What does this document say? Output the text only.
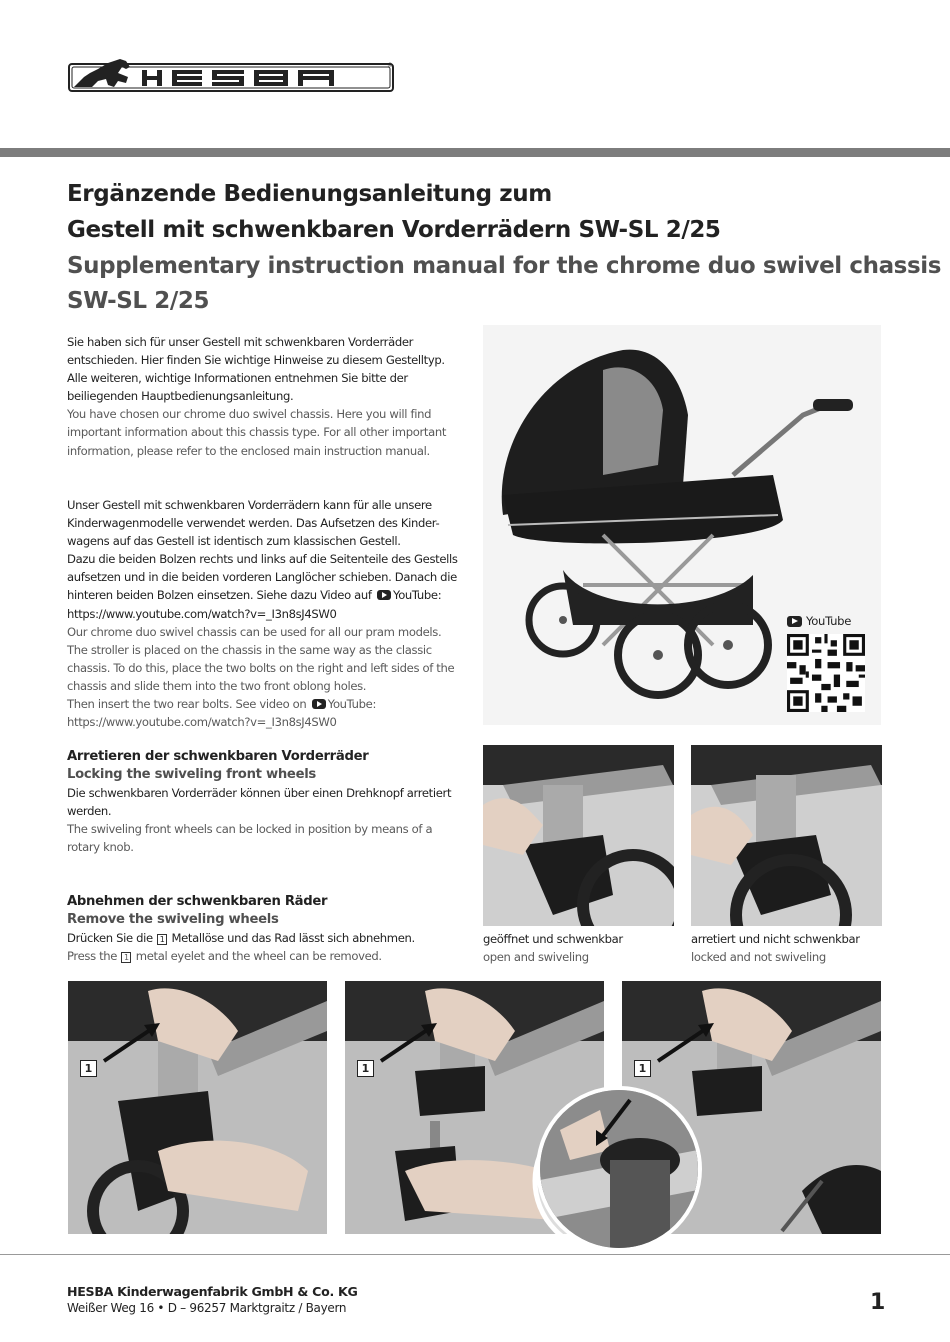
®
Ergänzende Bedienungsanleitung zum
Gestell mit schwenkbaren Vorderrädern SW-SL 2/25
Supplementary instruction manual for the chrome duo swivel chassis
SW-SL 2/25

Sie haben sich für unser Gestell mit schwenkbaren Vorderräder

entschieden. Hier finden Sie wichtige Hinweise zu diesem Gestelltyp.

Alle weiteren, wichtige Informationen entnehmen Sie bitte der

beiliegenden Hauptbedienungsanleitung.

You have chosen our chrome duo swivel chassis. Here you will find

important information about this chassis type. For all other important

information, please refer to the enclosed main instruction manual.

Unser Gestell mit schwenkbaren Vorderrädern kann für alle unsere

Kinderwagenmodelle verwendet werden. Das Aufsetzen des Kinder-

wagens auf das Gestell ist identisch zum klassischen Gestell.

Dazu die beiden Bolzen rechts und links auf die Seitenteile des Gestells

aufsetzen und in die beiden vorderen Langlöcher schieben. Danach die

hinteren beiden Bolzen einsetzen. Siehe dazu Video auf YouTube:

https://www.youtube.com/watch?v=_I3n8sJ4SW0

Our chrome duo swivel chassis can be used for all our pram models.

The stroller is placed on the chassis in the same way as the classic

chassis. To do this, place the two bolts on the right and left sides of the

chassis and slide them into the two front oblong holes.

Then insert the two rear bolts. See video on YouTube:

https://www.youtube.com/watch?v=_I3n8sJ4SW0

YouTube
Arretieren der schwenkbaren Vorderräder
Locking the swiveling front wheels
Die schwenkbaren Vorderräder können über einen Drehknopf arretiert
werden.
The swiveling front wheels can be locked in position by means of a
rotary knob.
Abnehmen der schwenkbaren Räder
Remove the swiveling wheels
Drücken Sie die 1 Metallöse und das Rad lässt sich abnehmen.
Press the 1 metal eyelet and the wheel can be removed.
geöffnet und schwenkbar
open and swiveling
arretiert und nicht schwenkbar
locked and not swiveling
1	1	1
HESBA Kinderwagenfabrik GmbH & Co. KG
Weißer Weg 16 • D – 96257 Marktgraitz / Bayern	1
